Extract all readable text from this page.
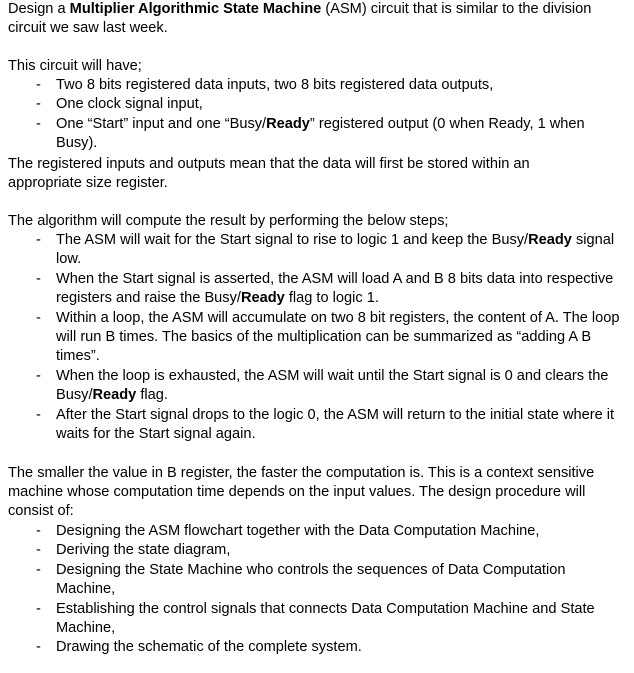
Design a Multiplier Algorithmic State Machine (ASM) circuit that is similar to the division circuit we saw last week.

This circuit will have;

- Two 8 bits registered data inputs, two 8 bits registered data outputs,
- One clock signal input,
- One “Start” input and one “Busy/Ready” registered output (0 when Ready, 1 when Busy).

The registered inputs and outputs mean that the data will first be stored within an appropriate size register.

The algorithm will compute the result by performing the below steps;

- The ASM will wait for the Start signal to rise to logic 1 and keep the Busy/Ready signal low.
- When the Start signal is asserted, the ASM will load A and B 8 bits data into respective registers and raise the Busy/Ready flag to logic 1.
- Within a loop, the ASM will accumulate on two 8 bit registers, the content of A. The loop will run B times. The basics of the multiplication can be summarized as “adding A B times”.
- When the loop is exhausted, the ASM will wait until the Start signal is 0 and clears the Busy/Ready flag.
- After the Start signal drops to the logic 0, the ASM will return to the initial state where it waits for the Start signal again.

The smaller the value in B register, the faster the computation is. This is a context sensitive machine whose computation time depends on the input values. The design procedure will consist of:

- Designing the ASM flowchart together with the Data Computation Machine,
- Deriving the state diagram,
- Designing the State Machine who controls the sequences of Data Computation Machine,
- Establishing the control signals that connects Data Computation Machine and State Machine,
- Drawing the schematic of the complete system.
